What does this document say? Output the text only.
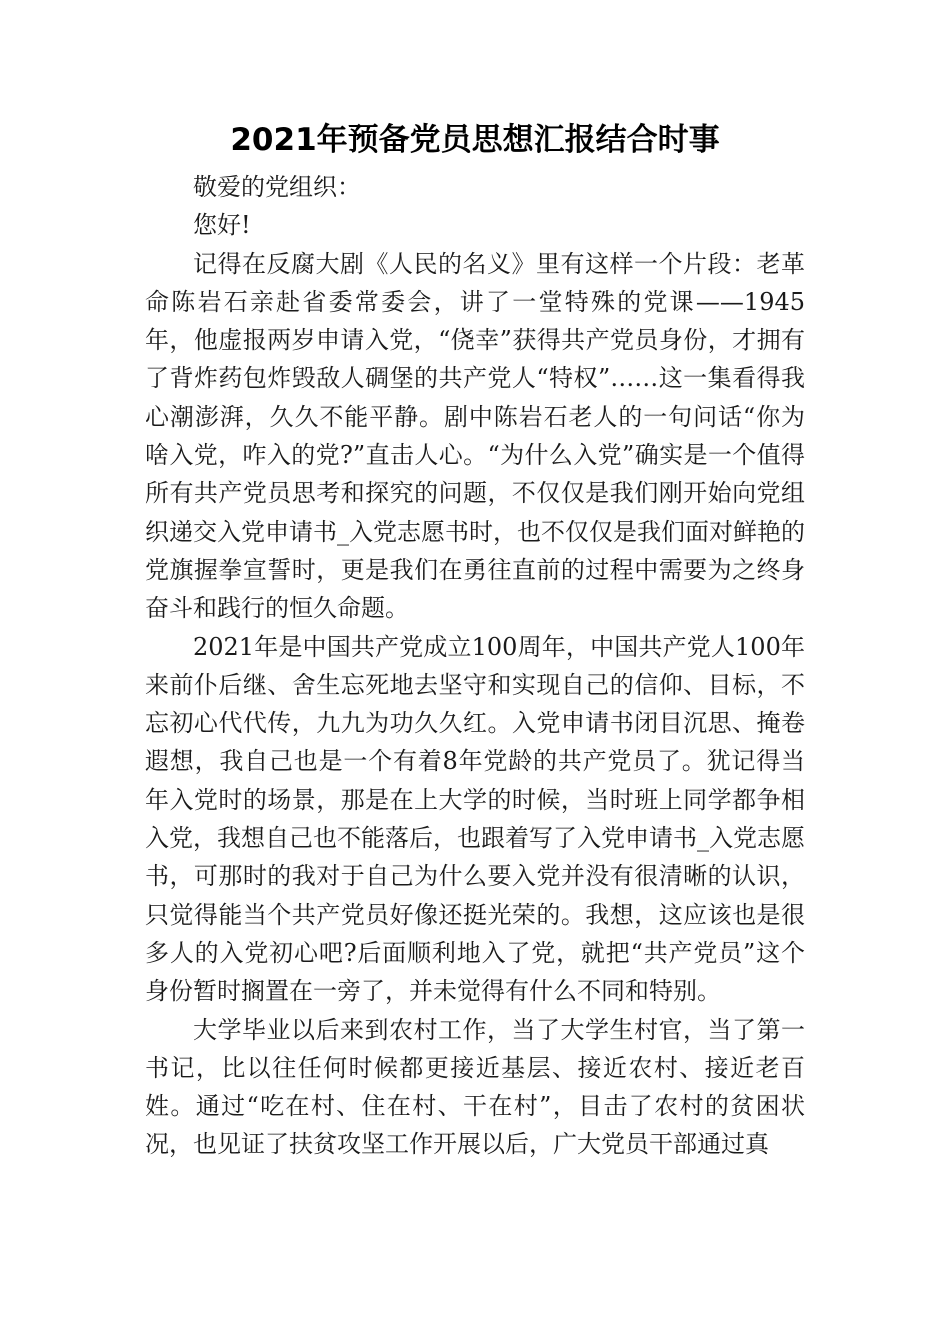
2021年预备党员思想汇报结合时事

敬爱的党组织：

您好!

记得在反腐大剧《人民的名义》里有这样一个片段：老革命陈岩石亲赴省委常委会，讲了一堂特殊的党课——1945年，他虚报两岁申请入党，“侥幸”获得共产党员身份，才拥有了背炸药包炸毁敌人碉堡的共产党人“特权”……这一集看得我心潮澎湃，久久不能平静。剧中陈岩石老人的一句问话“你为啥入党，咋入的党?”直击人心。“为什么入党”确实是一个值得所有共产党员思考和探究的问题，不仅仅是我们刚开始向党组织递交入党申请书_入党志愿书时，也不仅仅是我们面对鲜艳的党旗握拳宣誓时，更是我们在勇往直前的过程中需要为之终身奋斗和践行的恒久命题。

2021年是中国共产党成立100周年，中国共产党人100年来前仆后继、舍生忘死地去坚守和实现自己的信仰、目标，不忘初心代代传，九九为功久久红。入党申请书闭目沉思、掩卷遐想，我自己也是一个有着8年党龄的共产党员了。犹记得当年入党时的场景，那是在上大学的时候，当时班上同学都争相入党，我想自己也不能落后，也跟着写了入党申请书_入党志愿书，可那时的我对于自己为什么要入党并没有很清晰的认识，只觉得能当个共产党员好像还挺光荣的。我想，这应该也是很多人的入党初心吧?后面顺利地入了党，就把“共产党员”这个身份暂时搁置在一旁了，并未觉得有什么不同和特别。

大学毕业以后来到农村工作，当了大学生村官，当了第一书记，比以往任何时候都更接近基层、接近农村、接近老百姓。通过“吃在村、住在村、干在村”，目击了农村的贫困状况，也见证了扶贫攻坚工作开展以后，广大党员干部通过真
